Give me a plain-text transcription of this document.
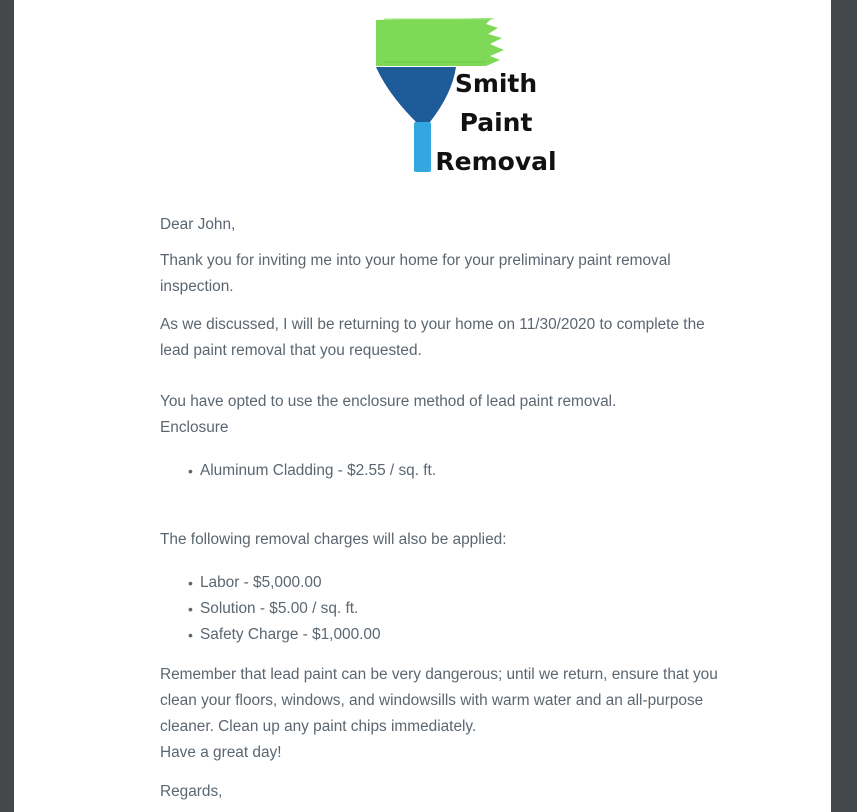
Smith
Paint
Removal

Dear John,

Thank you for inviting me into your home for your preliminary paint removal

inspection.

As we discussed, I will be returning to your home on 11/30/2020 to complete the

lead paint removal that you requested.

You have opted to use the enclosure method of lead paint removal.

Enclosure

• Aluminum Cladding - $2.55 / sq. ft.

The following removal charges will also be applied:

• Labor - $5,000.00
• Solution - $5.00 / sq. ft.
• Safety Charge - $1,000.00

Remember that lead paint can be very dangerous; until we return, ensure that you

clean your floors, windows, and windowsills with warm water and an all-purpose

cleaner. Clean up any paint chips immediately.

Have a great day!

Regards,
